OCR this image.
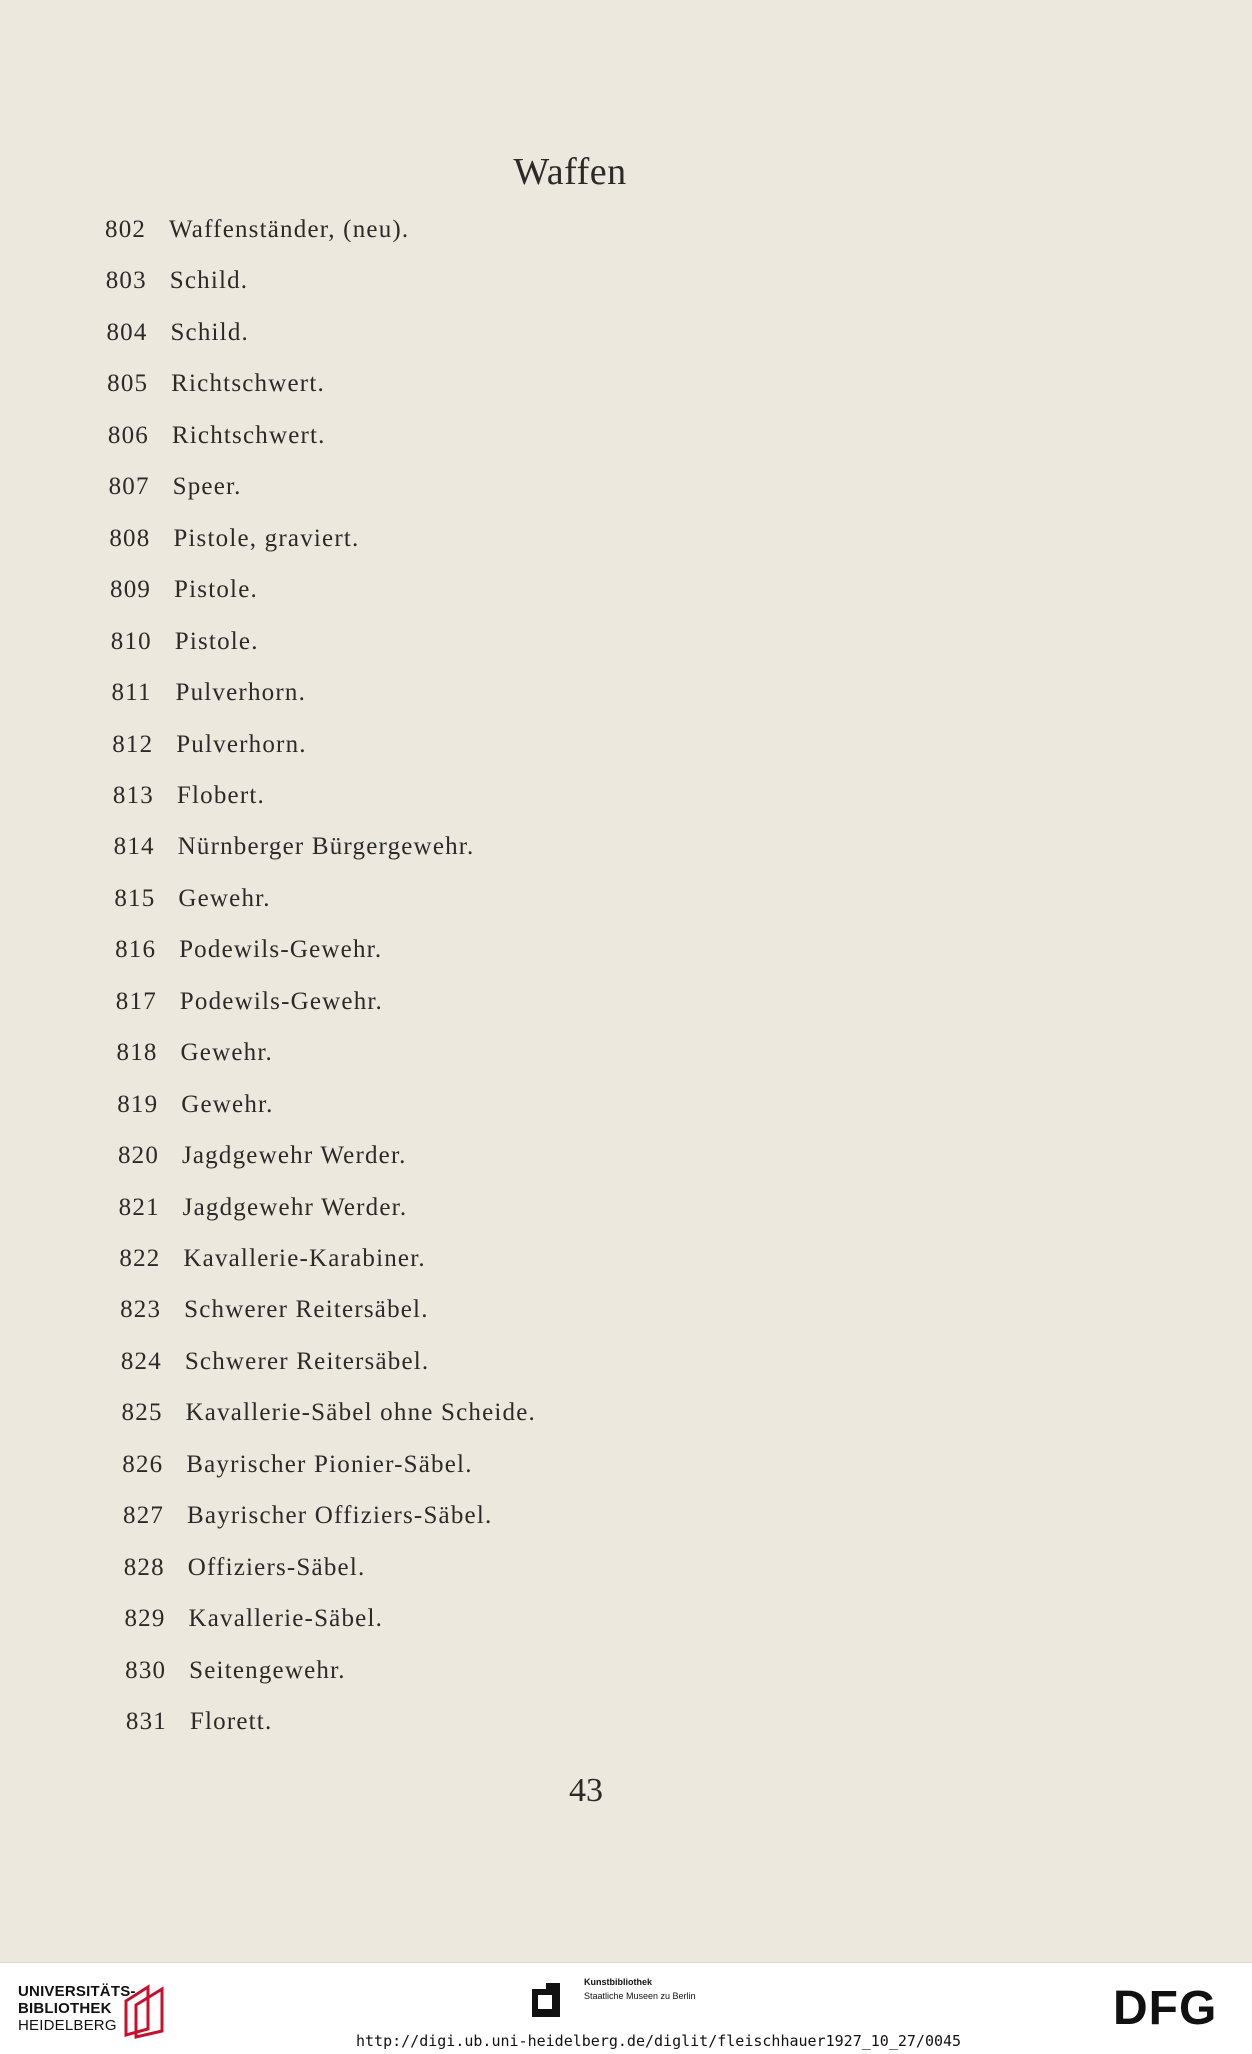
Waffen
802 Waffenständer, (neu).
803 Schild.
804 Schild.
805 Richtschwert.
806 Richtschwert.
807 Speer.
808 Pistole, graviert.
809 Pistole.
810 Pistole.
811 Pulverhorn.
812 Pulverhorn.
813 Flobert.
814 Nürnberger Bürgergewehr.
815 Gewehr.
816 Podewils-Gewehr.
817 Podewils-Gewehr.
818 Gewehr.
819 Gewehr.
820 Jagdgewehr Werder.
821 Jagdgewehr Werder.
822 Kavallerie-Karabiner.
823 Schwerer Reitersäbel.
824 Schwerer Reitersäbel.
825 Kavallerie-Säbel ohne Scheide.
826 Bayrischer Pionier-Säbel.
827 Bayrischer Offiziers-Säbel.
828 Offiziers-Säbel.
829 Kavallerie-Säbel.
830 Seitengewehr.
831 Florett.
43
UNIVERSITÄTS-
BIBLIOTHEK
HEIDELBERG
Kunstbibliothek
Staatliche Museen zu Berlin	DFG
http://digi.ub.uni-heidelberg.de/diglit/fleischhauer1927_10_27/0045
